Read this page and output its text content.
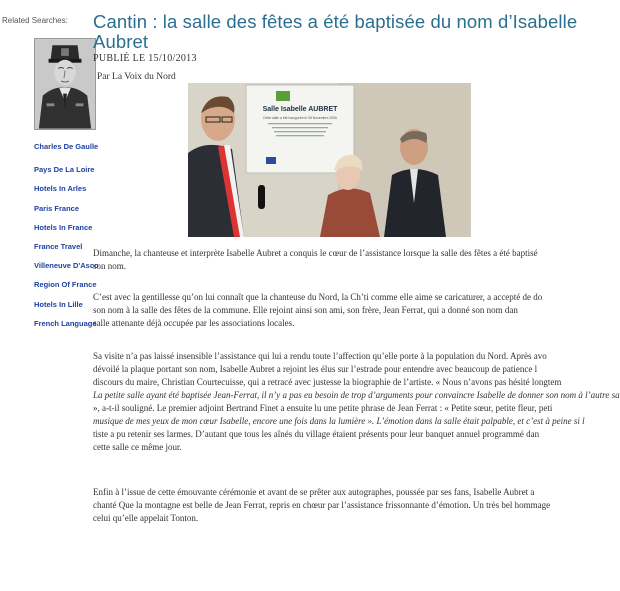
Related Searches:
Charles De Gaulle
Pays De La Loire
Hotels In Arles
Paris France
Hotels In France
France Travel
Villeneuve D'Asco
Region Of France
Hotels In Lille
French Language
Cantin : la salle des fêtes a été baptisée du nom d’Isabelle
Aubret
PUBLIÉ LE 15/10/2013
Par La Voix du Nord
Salle Isabelle AUBRET
Cette salle a été inaugurée le 05 Novembre 2006
Dimanche, la chanteuse et interprète Isabelle Aubret a conquis le cœur de l’assistance lorsque la salle des fêtes a été baptisé
son nom.
C’est avec la gentillesse qu’on lui connaît que la chanteuse du Nord, la Ch’ti comme elle aime se caricaturer, a accepté de do
son nom à la salle des fêtes de la commune. Elle rejoint ainsi son ami, son frère, Jean Ferrat, qui a donné son nom dan
salle attenante déjà occupée par les associations locales.
Sa visite n’a pas laissé insensible l’assistance qui lui a rendu toute l’affection qu’elle porte à la population du Nord. Après avo
dévoilé la plaque portant son nom, Isabelle Aubret a rejoint les élus sur l’estrade pour entendre avec beaucoup de patience l
discours du maire, Christian Courtecuisse, qui a retracé avec justesse la biographie de l’artiste. « Nous n’avons pas hésité longtem
La petite salle ayant été baptisée Jean-Ferrat, il n’y a pas eu besoin de trop d’arguments pour convaincre Isabelle de donner son nom à l’autre sa
», a-t-il souligné. Le premier adjoint Bertrand Finet a ensuite lu une petite phrase de Jean Ferrat : « Petite sœur, petite fleur, peti
musique de mes yeux de mon cœur Isabelle, encore une fois dans la lumière ». L’émotion dans la salle était palpable, et c’est à peine si l
tiste a pu retenir ses larmes. D’autant que tous les aînés du village étaient présents pour leur banquet annuel programmé dan
cette salle ce même jour.
Enfin à l’issue de cette émouvante cérémonie et avant de se prêter aux autographes, poussée par ses fans, Isabelle Aubret a
chanté Que la montagne est belle de Jean Ferrat, repris en chœur par l’assistance frissonnante d’émotion. Un très bel hommage
celui qu’elle appelait Tonton.
